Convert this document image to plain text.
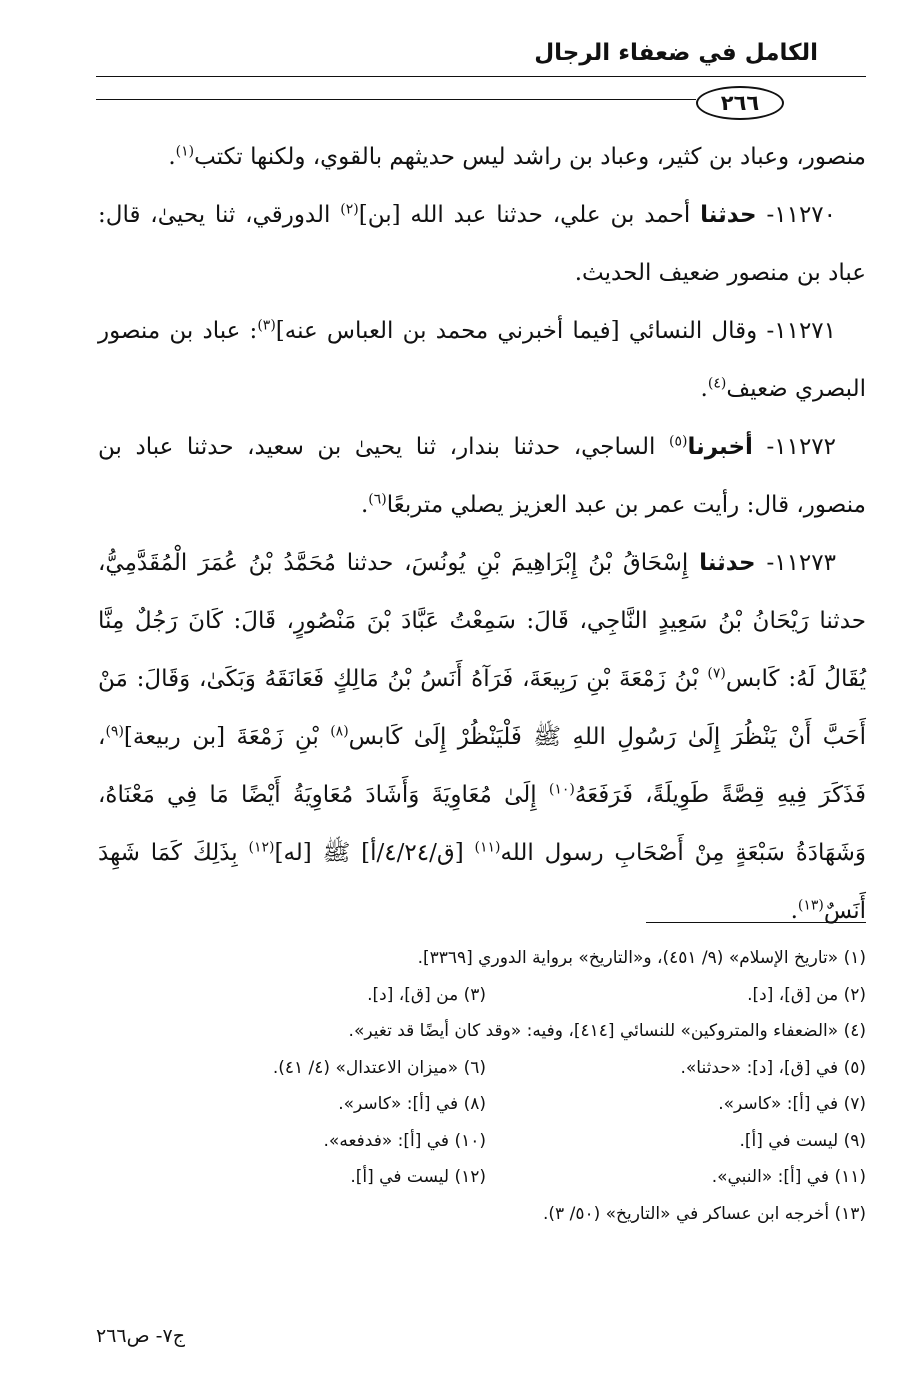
الكامل في ضعفاء الرجال
٢٦٦

منصور، وعباد بن كثير، وعباد بن راشد ليس حديثهم بالقوي، ولكنها تكتب$^{(١)}$.

١١٢٧٠- حدثنا أحمد بن علي، حدثنا عبد الله [بن]$^{(٢)}$ الدورقي، ثنا يحيىٰ، قال: عباد بن منصور ضعيف الحديث.

١١٢٧١- وقال النسائي [فيما أخبرني محمد بن العباس عنه]$^{(٣)}$: عباد بن منصور البصري ضعيف$^{(٤)}$.

١١٢٧٢- أخبرنا$^{(٥)}$ الساجي، حدثنا بندار، ثنا يحيىٰ بن سعيد، حدثنا عباد بن منصور، قال: رأيت عمر بن عبد العزيز يصلي متربعًا$^{(٦)}$.

١١٢٧٣- حدثنا إِسْحَاقُ بْنُ إِبْرَاهِيمَ بْنِ يُونُسَ، حدثنا مُحَمَّدُ بْنُ عُمَرَ الْمُقَدَّمِيُّ، حدثنا رَيْحَانُ بْنُ سَعِيدٍ النَّاجِي، قَالَ: سَمِعْتُ عَبَّادَ بْنَ مَنْصُورٍ، قَالَ: كَانَ رَجُلٌ مِنَّا يُقَالُ لَهُ: كَابس$^{(٧)}$ بْنُ زَمْعَةَ بْنِ رَبِيعَةَ، فَرَآهُ أَنَسُ بْنُ مَالِكٍ فَعَانَقَهُ وَبَكَىٰ، وَقَالَ: مَنْ أَحَبَّ أَنْ يَنْظُرَ إِلَىٰ رَسُولِ اللهِ ﷺ فَلْيَنْظُرْ إِلَىٰ كَابس$^{(٨)}$ بْنِ زَمْعَةَ [بن ربيعة]$^{(٩)}$، فَذَكَرَ فِيهِ قِصَّةً طَوِيلَةً، فَرَفَعَهُ$^{(١٠)}$ إِلَىٰ مُعَاوِيَةَ وَأَشَادَ مُعَاوِيَةُ أَيْضًا مَا فِي مَعْنَاهُ، وَشَهَادَةُ سَبْعَةٍ مِنْ أَصْحَابِ رسول الله$^{(١١)}$ [ق/٤/٢٤/أ] ﷺ [له]$^{(١٢)}$ بِذَلِكَ كَمَا شَهِدَ أَنَسٌ$^{(١٣)}$.

(١) «تاريخ الإسلام» (٩/ ٤٥١)، و«التاريخ» برواية الدوري [٣٣٦٩].
(٢) من [ق]، [د].
(٣) من [ق]، [د].
(٤) «الضعفاء والمتروكين» للنسائي [٤١٤]، وفيه: «وقد كان أيضًا قد تغير».
(٥) في [ق]، [د]: «حدثنا».
(٦) «ميزان الاعتدال» (٤/ ٤١).
(٧) في [أ]: «كاسر».
(٨) في [أ]: «كاسر».
(٩) ليست في [أ].
(١٠) في [أ]: «فدفعه».
(١١) في [أ]: «النبي».
(١٢) ليست في [أ].
(١٣) أخرجه ابن عساكر في «التاريخ» (٥٠/ ٣).
ج٧- ص٢٦٦
